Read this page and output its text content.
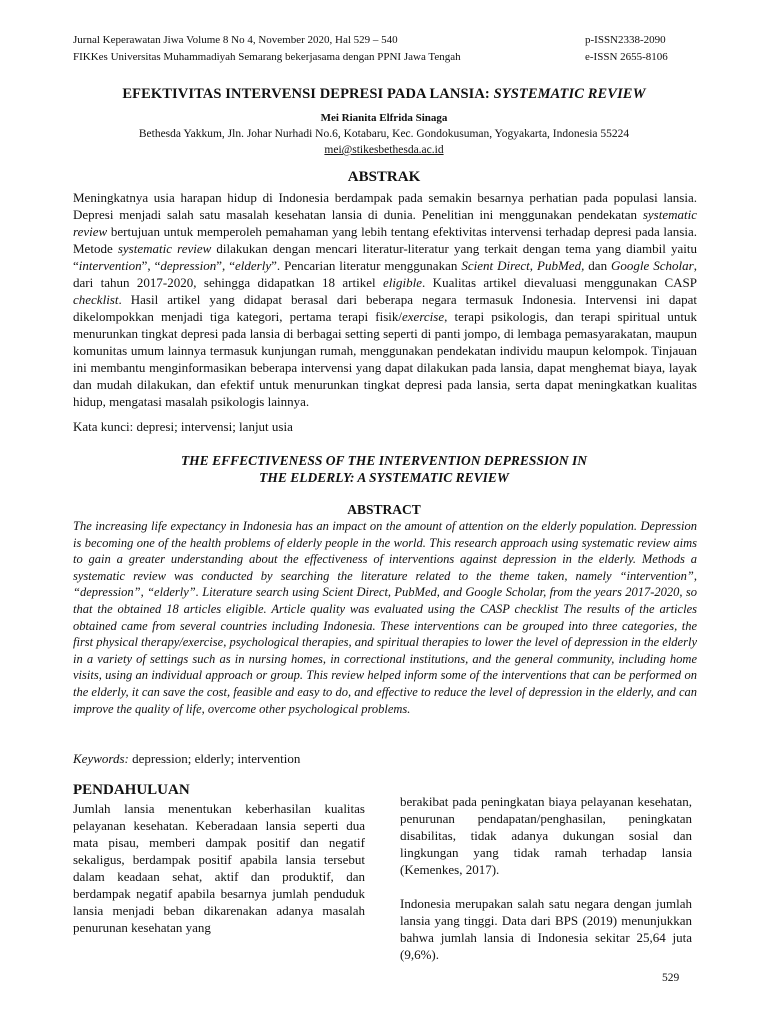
Jurnal Keperawatan Jiwa Volume 8 No 4, November 2020, Hal 529 – 540
FIKKes Universitas Muhammadiyah Semarang bekerjasama dengan PPNI Jawa Tengah
p-ISSN2338-2090
e-ISSN 2655-8106
EFEKTIVITAS INTERVENSI DEPRESI PADA LANSIA: SYSTEMATIC REVIEW
Mei Rianita Elfrida Sinaga
Bethesda Yakkum, Jln. Johar Nurhadi No.6, Kotabaru, Kec. Gondokusuman, Yogyakarta, Indonesia 55224
mei@stikesbethesda.ac.id
ABSTRAK
Meningkatnya usia harapan hidup di Indonesia berdampak pada semakin besarnya perhatian pada populasi lansia. Depresi menjadi salah satu masalah kesehatan lansia di dunia. Penelitian ini menggunakan pendekatan systematic review bertujuan untuk memperoleh pemahaman yang lebih tentang efektivitas intervensi terhadap depresi pada lansia. Metode systematic review dilakukan dengan mencari literatur-literatur yang terkait dengan tema yang diambil yaitu “intervention”, “depression”, “elderly”. Pencarian literatur menggunakan Scient Direct, PubMed, dan Google Scholar, dari tahun 2017-2020, sehingga didapatkan 18 artikel eligible. Kualitas artikel dievaluasi menggunakan CASP checklist. Hasil artikel yang didapat berasal dari beberapa negara termasuk Indonesia. Intervensi ini dapat dikelompokkan menjadi tiga kategori, pertama terapi fisik/exercise, terapi psikologis, dan terapi spiritual untuk menurunkan tingkat depresi pada lansia di berbagai setting seperti di panti jompo, di lembaga pemasyarakatan, maupun komunitas umum lainnya termasuk kunjungan rumah, menggunakan pendekatan individu maupun kelompok. Tinjauan ini membantu menginformasikan beberapa intervensi yang dapat dilakukan pada lansia, dapat menghemat biaya, layak dan mudah dilakukan, dan efektif untuk menurunkan tingkat depresi pada lansia, serta dapat meningkatkan kualitas hidup, mengatasi masalah psikologis lainnya.
Kata kunci: depresi; intervensi; lanjut usia
THE EFFECTIVENESS OF THE INTERVENTION DEPRESSION IN
THE ELDERLY: A SYSTEMATIC REVIEW
ABSTRACT
The increasing life expectancy in Indonesia has an impact on the amount of attention on the elderly population. Depression is becoming one of the health problems of elderly people in the world. This research approach using systematic review aims to gain a greater understanding about the effectiveness of interventions against depression in the elderly. Methods a systematic review was conducted by searching the literature related to the theme taken, namely “intervention”, “depression”, “elderly”. Literature search using Scient Direct, PubMed, and Google Scholar, from the years 2017-2020, so that the obtained 18 articles eligible. Article quality was evaluated using the CASP checklist The results of the articles obtained came from several countries including Indonesia. These interventions can be grouped into three categories, the first physical therapy/exercise, psychological therapies, and spiritual therapies to lower the level of depression in the elderly in a variety of settings such as in nursing homes, in correctional institutions, and the general community, including home visits, using an individual approach or group. This review helped inform some of the interventions that can be performed on the elderly, it can save the cost, feasible and easy to do, and effective to reduce the level of depression in the elderly, and can improve the quality of life, overcome other psychological problems.
Keywords: depression; elderly; intervention
PENDAHULUAN
Jumlah lansia menentukan keberhasilan kualitas pelayanan kesehatan. Keberadaan lansia seperti dua mata pisau, memberi dampak positif dan negatif sekaligus, berdampak positif apabila lansia tersebut dalam keadaan sehat, aktif dan produktif, dan berdampak negatif apabila besarnya jumlah penduduk lansia menjadi beban dikarenakan adanya masalah penurunan kesehatan yang

berakibat pada peningkatan biaya pelayanan kesehatan, penurunan pendapatan/penghasilan, peningkatan disabilitas, tidak adanya dukungan sosial dan lingkungan yang tidak ramah terhadap lansia (Kemenkes, 2017).

Indonesia merupakan salah satu negara dengan jumlah lansia yang tinggi. Data dari BPS (2019) menunjukkan bahwa jumlah lansia di Indonesia sekitar 25,64 juta (9,6%).

529
